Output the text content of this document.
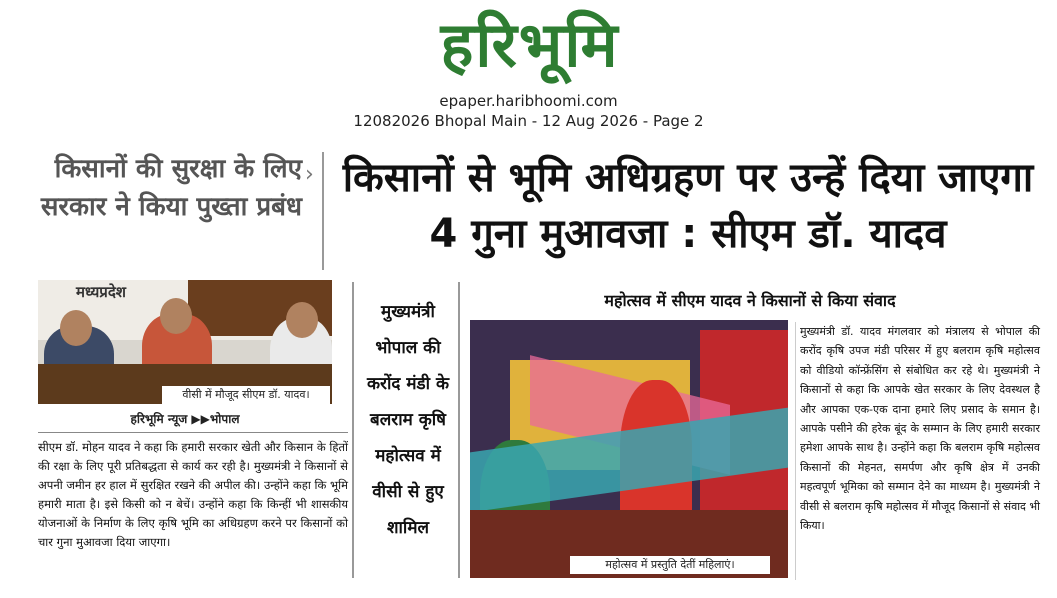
हरिभूमि
epaper.haribhoomi.com
12082026 Bhopal Main - 12 Aug 2026 - Page 2
किसानों की सुरक्षा के लिए सरकार ने किया पुख्ता प्रबंध
› किसानों से भूमि अधिग्रहण पर उन्हें दिया जाएगा 4 गुना मुआवजा : सीएम डॉ. यादव
मध्यप्रदेश
वीसी में मौजूद सीएम डॉ. यादव।
हरिभूमि न्यूज ▶▶भोपाल
सीएम डॉ. मोहन यादव ने कहा कि हमारी सरकार खेती और किसान के हितों की रक्षा के लिए पूरी प्रतिबद्धता से कार्य कर रही है। मुख्यमंत्री ने किसानों से अपनी जमीन हर हाल में सुरक्षित रखने की अपील की। उन्होंने कहा कि भूमि हमारी माता है। इसे किसी को न बेचें। उन्होंने कहा कि किन्हीं भी शासकीय योजनाओं के निर्माण के लिए कृषि भूमि का अधिग्रहण करने पर किसानों को चार गुना मुआवजा दिया जाएगा।
मुख्यमंत्री भोपाल की करोंद मंडी के बलराम कृषि महोत्सव में वीसी से हुए शामिल
महोत्सव में सीएम यादव ने किसानों से किया संवाद
महोत्सव में प्रस्तुति देतीं महिलाएं।
मुख्यमंत्री डॉ. यादव मंगलवार को मंत्रालय से भोपाल की करोंद कृषि उपज मंडी परिसर में हुए बलराम कृषि महोत्सव को वीडियो कॉन्फ्रेंसिंग से संबोधित कर रहे थे। मुख्यमंत्री ने किसानों से कहा कि आपके खेत सरकार के लिए देवस्थल है और आपका एक-एक दाना हमारे लिए प्रसाद के समान है। आपके पसीने की हरेक बूंद के सम्मान के लिए हमारी सरकार हमेशा आपके साथ है। उन्होंने कहा कि बलराम कृषि महोत्सव किसानों की मेहनत, समर्पण और कृषि क्षेत्र में उनकी महत्वपूर्ण भूमिका को सम्मान देने का माध्यम है। मुख्यमंत्री ने वीसी से बलराम कृषि महोत्सव में मौजूद किसानों से संवाद भी किया।
